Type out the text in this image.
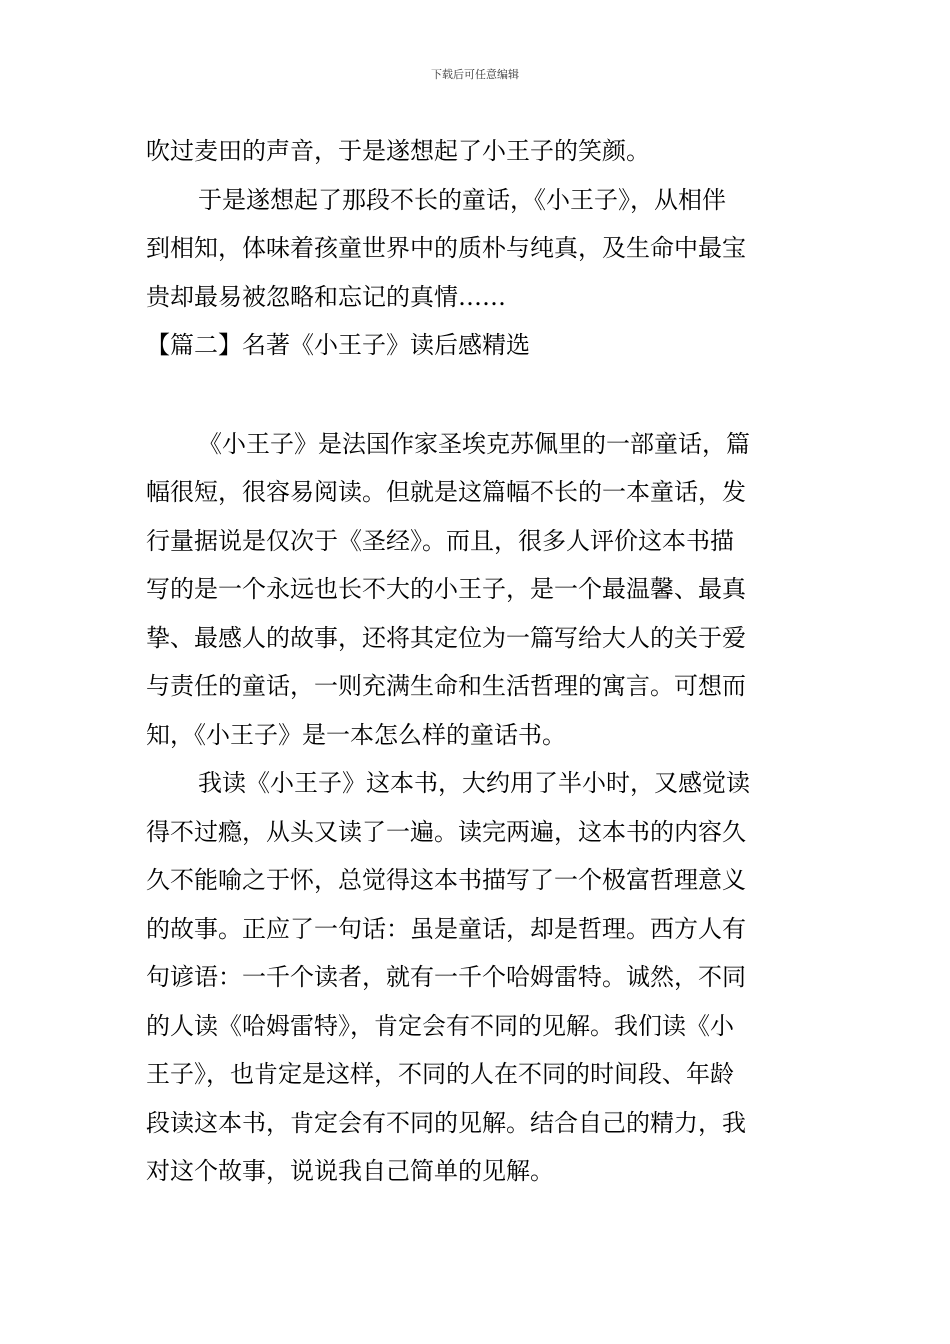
下载后可任意编辑

吹过麦田的声音，于是遂想起了小王子的笑颜。

于是遂想起了那段不长的童话，《小王子》，从相伴

到相知，体味着孩童世界中的质朴与纯真，及生命中最宝

贵却最易被忽略和忘记的真情……

【篇二】名著《小王子》读后感精选

《小王子》是法国作家圣埃克苏佩里的一部童话，篇

幅很短，很容易阅读。但就是这篇幅不长的一本童话，发

行量据说是仅次于《圣经》。而且，很多人评价这本书描

写的是一个永远也长不大的小王子，是一个最温馨、最真

挚、最感人的故事，还将其定位为一篇写给大人的关于爱

与责任的童话，一则充满生命和生活哲理的寓言。可想而

知，《小王子》是一本怎么样的童话书。

我读《小王子》这本书，大约用了半小时，又感觉读

得不过瘾，从头又读了一遍。读完两遍，这本书的内容久

久不能喻之于怀，总觉得这本书描写了一个极富哲理意义

的故事。正应了一句话：虽是童话，却是哲理。西方人有

句谚语：一千个读者，就有一千个哈姆雷特。诚然，不同

的人读《哈姆雷特》，肯定会有不同的见解。我们读《小

王子》，也肯定是这样，不同的人在不同的时间段、年龄

段读这本书，肯定会有不同的见解。结合自己的精力，我

对这个故事，说说我自己简单的见解。
